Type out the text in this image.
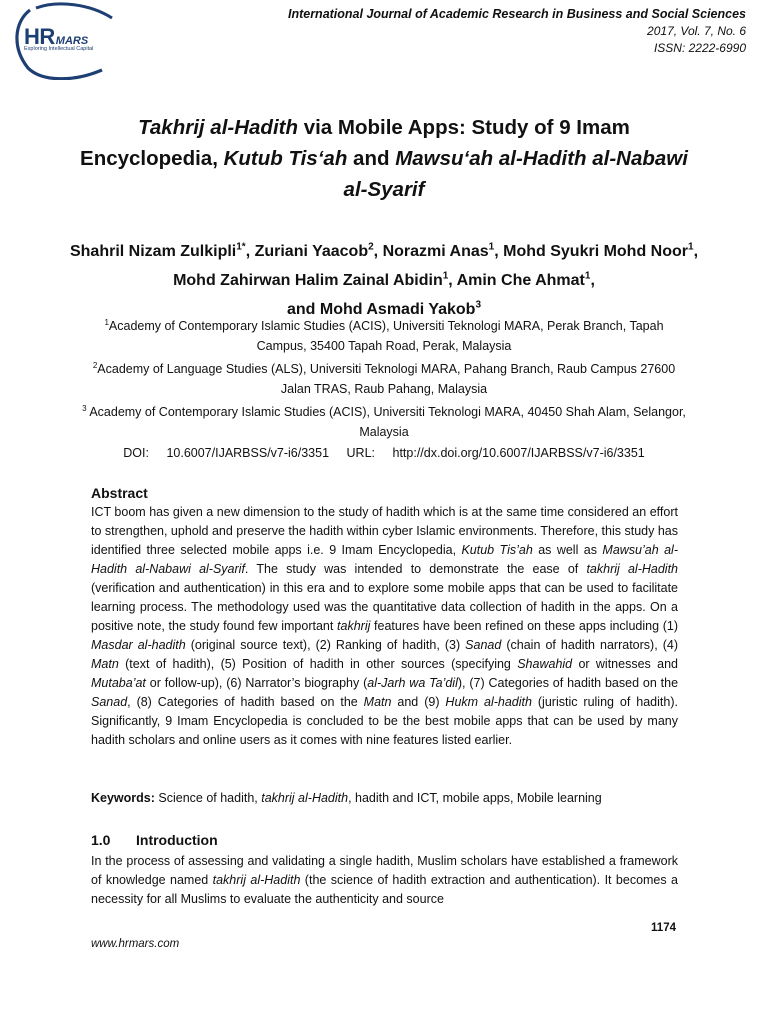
HRMARS
Exploring Intellectual Capital
International Journal of Academic Research in Business and Social Sciences
2017, Vol. 7, No. 6
ISSN: 2222-6990
Takhrij al-Hadith via Mobile Apps: Study of 9 Imam Encyclopedia, Kutub Tis‘ah and Mawsu‘ah al-Hadith al-Nabawi al-Syarif
Shahril Nizam Zulkipli$^{1*}$, Zuriani Yaacob$^2$, Norazmi Anas$^1$, Mohd Syukri Mohd Noor$^1$, Mohd Zahirwan Halim Zainal Abidin$^1$, Amin Che Ahmat$^1$,
and Mohd Asmadi Yakob$^3$
$^1$Academy of Contemporary Islamic Studies (ACIS), Universiti Teknologi MARA, Perak Branch, Tapah Campus, 35400 Tapah Road, Perak, Malaysia
$^2$Academy of Language Studies (ALS), Universiti Teknologi MARA, Pahang Branch, Raub Campus 27600 Jalan TRAS, Raub Pahang, Malaysia
$^3$ Academy of Contemporary Islamic Studies (ACIS), Universiti Teknologi MARA, 40450 Shah Alam, Selangor, Malaysia
DOI: 10.6007/IJARBSS/v7-i6/3351 URL: http://dx.doi.org/10.6007/IJARBSS/v7-i6/3351
Abstract
ICT boom has given a new dimension to the study of hadith which is at the same time considered an effort to strengthen, uphold and preserve the hadith within cyber Islamic environments. Therefore, this study has identified three selected mobile apps i.e. 9 Imam Encyclopedia, Kutub Tis’ah as well as Mawsu’ah al-Hadith al-Nabawi al-Syarif. The study was intended to demonstrate the ease of takhrij al-Hadith (verification and authentication) in this era and to explore some mobile apps that can be used to facilitate learning process. The methodology used was the quantitative data collection of hadith in the apps. On a positive note, the study found few important takhrij features have been refined on these apps including (1) Masdar al-hadith (original source text), (2) Ranking of hadith, (3) Sanad (chain of hadith narrators), (4) Matn (text of hadith), (5) Position of hadith in other sources (specifying Shawahid or witnesses and Mutaba’at or follow-up), (6) Narrator’s biography (al-Jarh wa Ta’dil), (7) Categories of hadith based on the Sanad, (8) Categories of hadith based on the Matn and (9) Hukm al-hadith (juristic ruling of hadith). Significantly, 9 Imam Encyclopedia is concluded to be the best mobile apps that can be used by many hadith scholars and online users as it comes with nine features listed earlier.
Keywords: Science of hadith, takhrij al-Hadith, hadith and ICT, mobile apps, Mobile learning
1.0 Introduction
In the process of assessing and validating a single hadith, Muslim scholars have established a framework of knowledge named takhrij al-Hadith (the science of hadith extraction and authentication). It becomes a necessity for all Muslims to evaluate the authenticity and source
1174
www.hrmars.com
